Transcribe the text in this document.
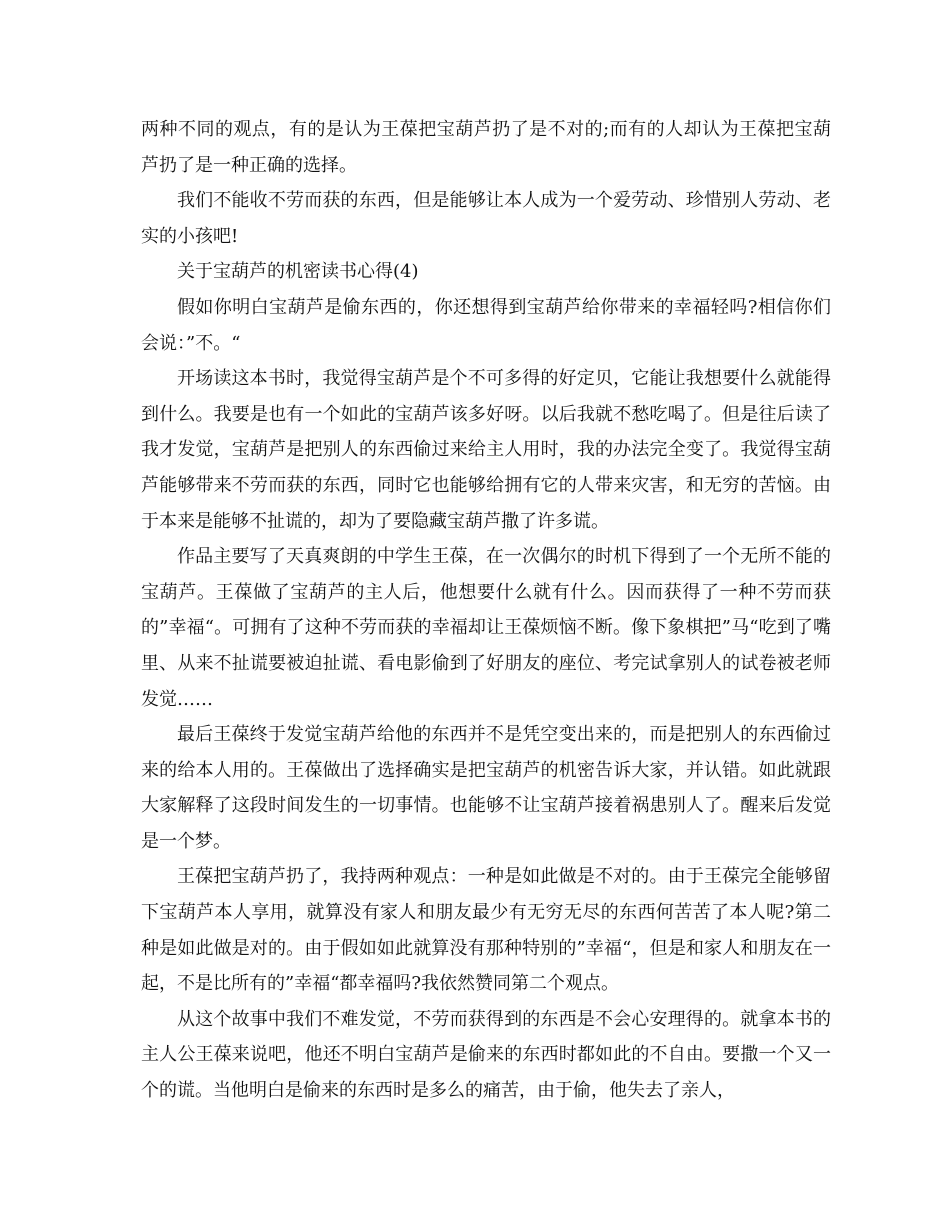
两种不同的观点，有的是认为王葆把宝葫芦扔了是不对的;而有的人却认为王葆把宝葫芦扔了是一种正确的选择。

我们不能收不劳而获的东西，但是能够让本人成为一个爱劳动、珍惜别人劳动、老实的小孩吧!

关于宝葫芦的机密读书心得(4)

假如你明白宝葫芦是偷东西的，你还想得到宝葫芦给你带来的幸福轻吗?相信你们会说：”不。“

开场读这本书时，我觉得宝葫芦是个不可多得的好定贝，它能让我想要什么就能得到什么。我要是也有一个如此的宝葫芦该多好呀。以后我就不愁吃喝了。但是往后读了我才发觉，宝葫芦是把别人的东西偷过来给主人用时，我的办法完全变了。我觉得宝葫芦能够带来不劳而获的东西，同时它也能够给拥有它的人带来灾害，和无穷的苦恼。由于本来是能够不扯谎的，却为了要隐藏宝葫芦撒了许多谎。

作品主要写了天真爽朗的中学生王葆，在一次偶尔的时机下得到了一个无所不能的宝葫芦。王葆做了宝葫芦的主人后，他想要什么就有什么。因而获得了一种不劳而获的”幸福“。可拥有了这种不劳而获的幸福却让王葆烦恼不断。像下象棋把”马“吃到了嘴里、从来不扯谎要被迫扯谎、看电影偷到了好朋友的座位、考完试拿别人的试卷被老师发觉……

最后王葆终于发觉宝葫芦给他的东西并不是凭空变出来的，而是把别人的东西偷过来的给本人用的。王葆做出了选择确实是把宝葫芦的机密告诉大家，并认错。如此就跟大家解释了这段时间发生的一切事情。也能够不让宝葫芦接着祸患别人了。醒来后发觉是一个梦。

王葆把宝葫芦扔了，我持两种观点：一种是如此做是不对的。由于王葆完全能够留下宝葫芦本人享用，就算没有家人和朋友最少有无穷无尽的东西何苦苦了本人呢?第二种是如此做是对的。由于假如如此就算没有那种特别的”幸福“，但是和家人和朋友在一起，不是比所有的”幸福“都幸福吗?我依然赞同第二个观点。

从这个故事中我们不难发觉，不劳而获得到的东西是不会心安理得的。就拿本书的主人公王葆来说吧，他还不明白宝葫芦是偷来的东西时都如此的不自由。要撒一个又一个的谎。当他明白是偷来的东西时是多么的痛苦，由于偷，他失去了亲人，
